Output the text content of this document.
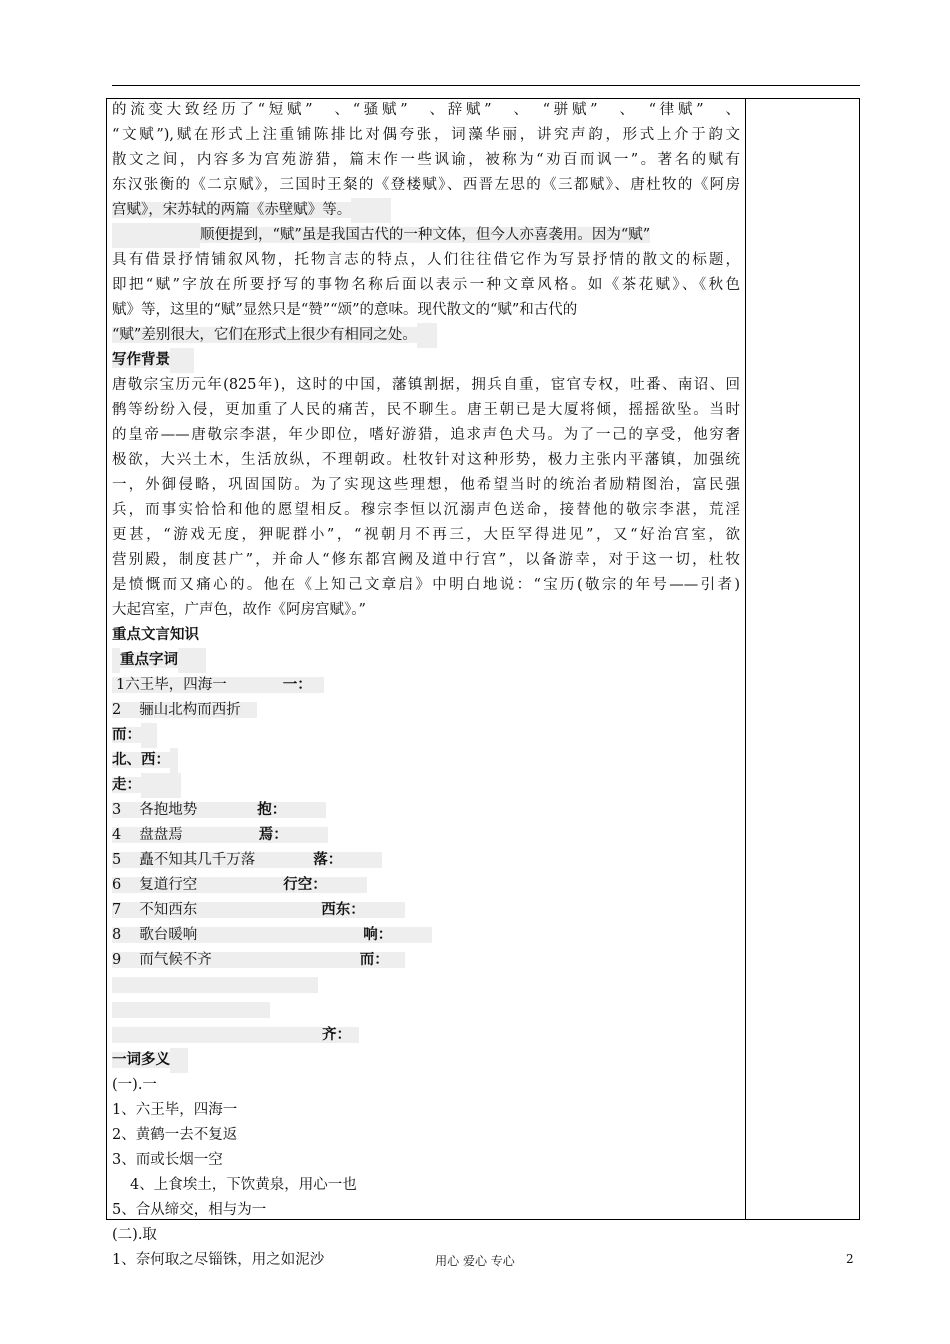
的流变大致经历了“短赋”　、“骚赋”　、辞赋”　、　“骈赋”　、　“律赋”　、
“文赋”),赋在形式上注重铺陈排比对偶夸张，词藻华丽，讲究声韵，形式上介于韵文
散文之间，内容多为宫苑游猎，篇末作一些讽谕，被称为“劝百而讽一”。著名的赋有
东汉张衡的《二京赋》，三国时王粲的《登楼赋》、西晋左思的《三都赋》、唐杜牧的《阿房
宫赋》，宋苏轼的两篇《赤壁赋》等。
顺便提到，“赋”虽是我国古代的一种文体，但今人亦喜袭用。因为“赋”
具有借景抒情铺叙风物，托物言志的特点，人们往往借它作为写景抒情的散文的标题，
即把“赋”字放在所要抒写的事物名称后面以表示一种文章风格。如《茶花赋》、《秋色
赋》等，这里的“赋”显然只是“赞”“颂”的意味。现代散文的“赋”和古代的
“赋”差别很大，它们在形式上很少有相同之处。
写作背景
唐敬宗宝历元年(825年)，这时的中国，藩镇割据，拥兵自重，宦官专权，吐番、南诏、回
鹘等纷纷入侵，更加重了人民的痛苦，民不聊生。唐王朝已是大厦将倾，摇摇欲坠。当时
的皇帝——唐敬宗李湛，年少即位，嗜好游猎，追求声色犬马。为了一己的享受，他穷奢
极欲，大兴土木，生活放纵，不理朝政。杜牧针对这种形势，极力主张内平藩镇，加强统
一，外御侵略，巩固国防。为了实现这些理想，他希望当时的统治者励精图治，富民强
兵，而事实恰恰和他的愿望相反。穆宗李恒以沉溺声色送命，接替他的敬宗李湛，荒淫
更甚，“游戏无度，狎昵群小”，“视朝月不再三，大臣罕得进见”，又“好治宫室，欲
营别殿，制度甚广”，并命人“修东都宫阙及道中行宫”，以备游幸，对于这一切，杜牧
是愤慨而又痛心的。他在《上知己文章启》中明白地说：“宝历(敬宗的年号——引者)
大起宫室，广声色，故作《阿房宫赋》。”
重点文言知识
重点字词
1六王毕，四海一	一：
2 骊山北构而西折
而：
北、西：
走：
3 各抱地势	抱：
4 盘盘焉	焉：
5 矗不知其几千万落	落：
6 复道行空	行空：
7 不知西东	西东：
8 歌台暖响	响：
9 而气候不齐	而：
齐：
一词多义
(一).一
1、六王毕，四海一
2、黄鹤一去不复返
3、而或长烟一空
4、上食埃土，下饮黄泉，用心一也
5、合从缔交，相与为一
(二).取
1、奈何取之尽锱铢，用之如泥沙	用心 爱心 专心	2
